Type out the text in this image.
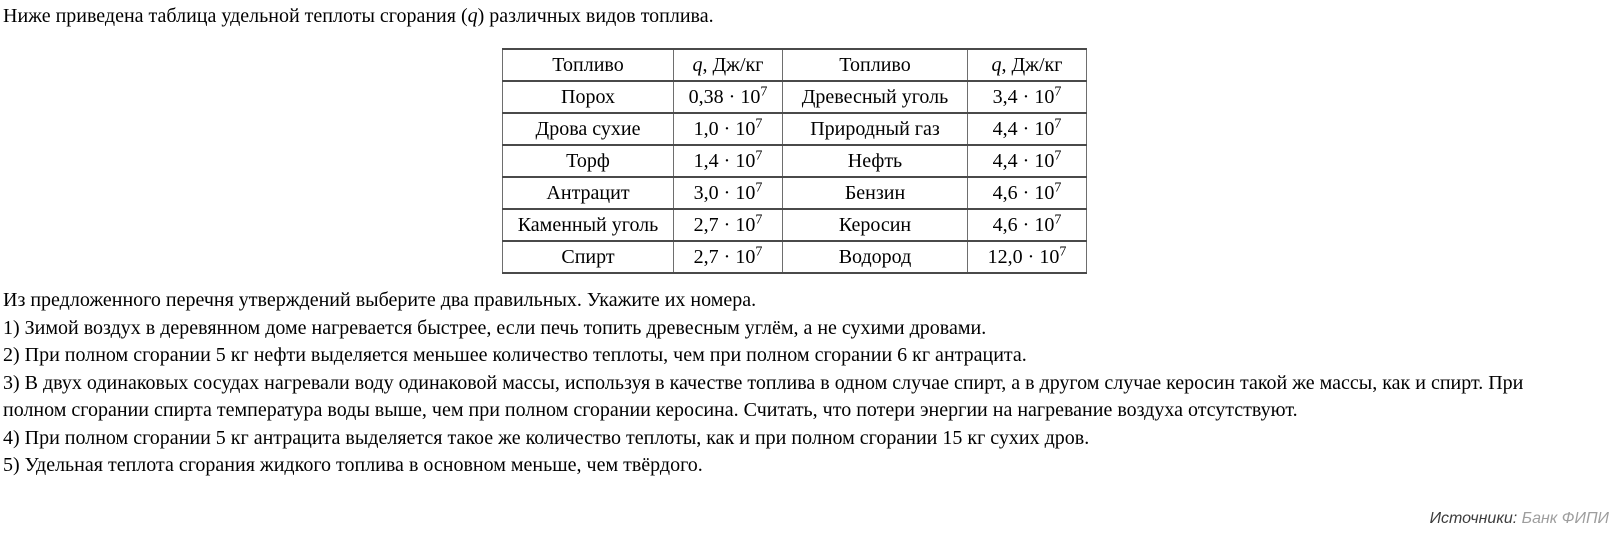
Ниже приведена таблица удельной теплоты сгорания (q) различных видов топлива.

Топливо	q, Дж/кг	Топливо	q, Дж/кг
Порох	$0,38 \cdot 10^7$	Древесный уголь	$3,4 \cdot 10^7$
Дрова сухие	$1,0 \cdot 10^7$	Природный газ	$4,4 \cdot 10^7$
Торф	$1,4 \cdot 10^7$	Нефть	$4,4 \cdot 10^7$
Антрацит	$3,0 \cdot 10^7$	Бензин	$4,6 \cdot 10^7$
Каменный уголь	$2,7 \cdot 10^7$	Керосин	$4,6 \cdot 10^7$
Спирт	$2,7 \cdot 10^7$	Водород	$12,0 \cdot 10^7$

Из предложенного перечня утверждений выберите два правильных. Укажите их номера.

1) Зимой воздух в деревянном доме нагревается быстрее, если печь топить древесным углём, а не сухими дровами.

2) При полном сгорании 5 кг нефти выделяется меньшее количество теплоты, чем при полном сгорании 6 кг антрацита.

3) В двух одинаковых сосудах нагревали воду одинаковой массы, используя в качестве топлива в одном случае спирт, а в другом случае керосин такой же массы, как и спирт. При полном сгорании спирта температура воды выше, чем при полном сгорании керосина. Считать, что потери энергии на нагревание воздуха отсутствуют.

4) При полном сгорании 5 кг антрацита выделяется такое же количество теплоты, как и при полном сгорании 15 кг сухих дров.

5) Удельная теплота сгорания жидкого топлива в основном меньше, чем твёрдого.

Источники: Банк ФИПИ
